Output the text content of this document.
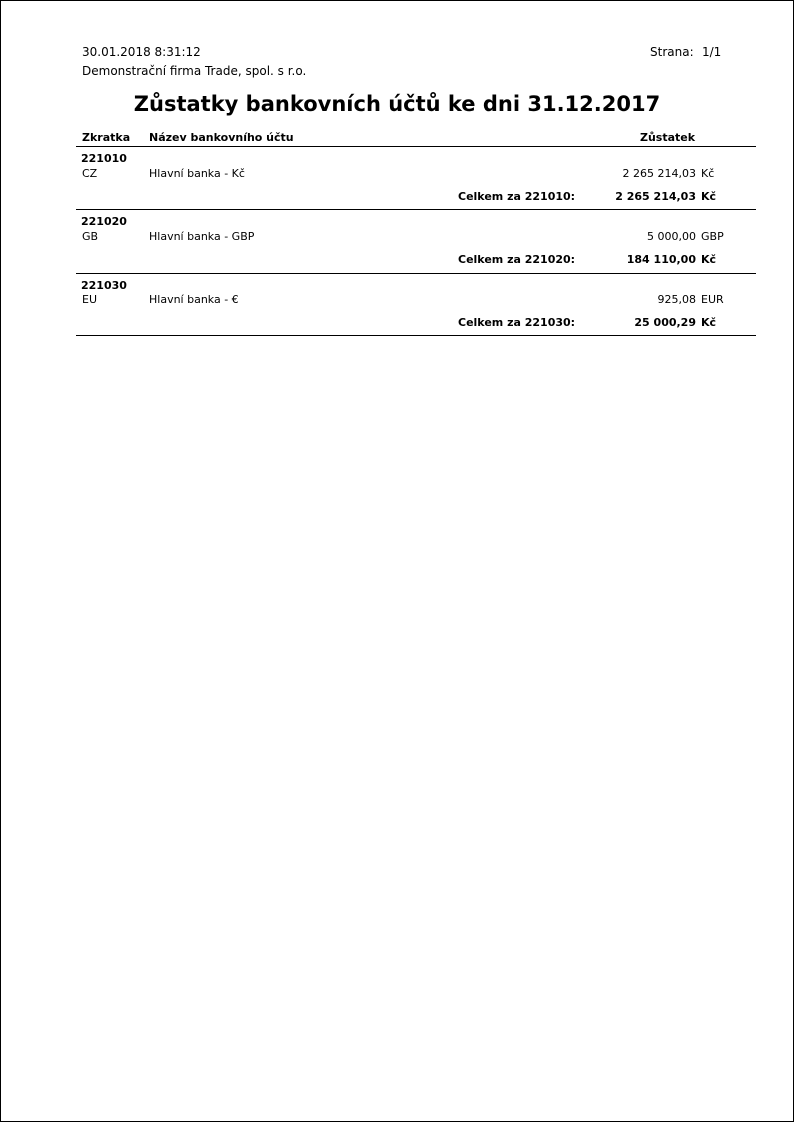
30.01.2018 8:31:12	Strana: 1/1
Demonstrační firma Trade, spol. s r.o.
Zůstatky bankovních účtů ke dni 31.12.2017
Zkratka Název bankovního účtu	Zůstatek
221010
CZ	Hlavní banka - Kč	2 265 214,03 Kč
Celkem za 221010:	2 265 214,03 Kč
221020
GB	Hlavní banka - GBP	5 000,00 GBP
Celkem za 221020:	184 110,00 Kč
221030
EU	Hlavní banka - €	925,08 EUR
Celkem za 221030:	25 000,29 Kč
